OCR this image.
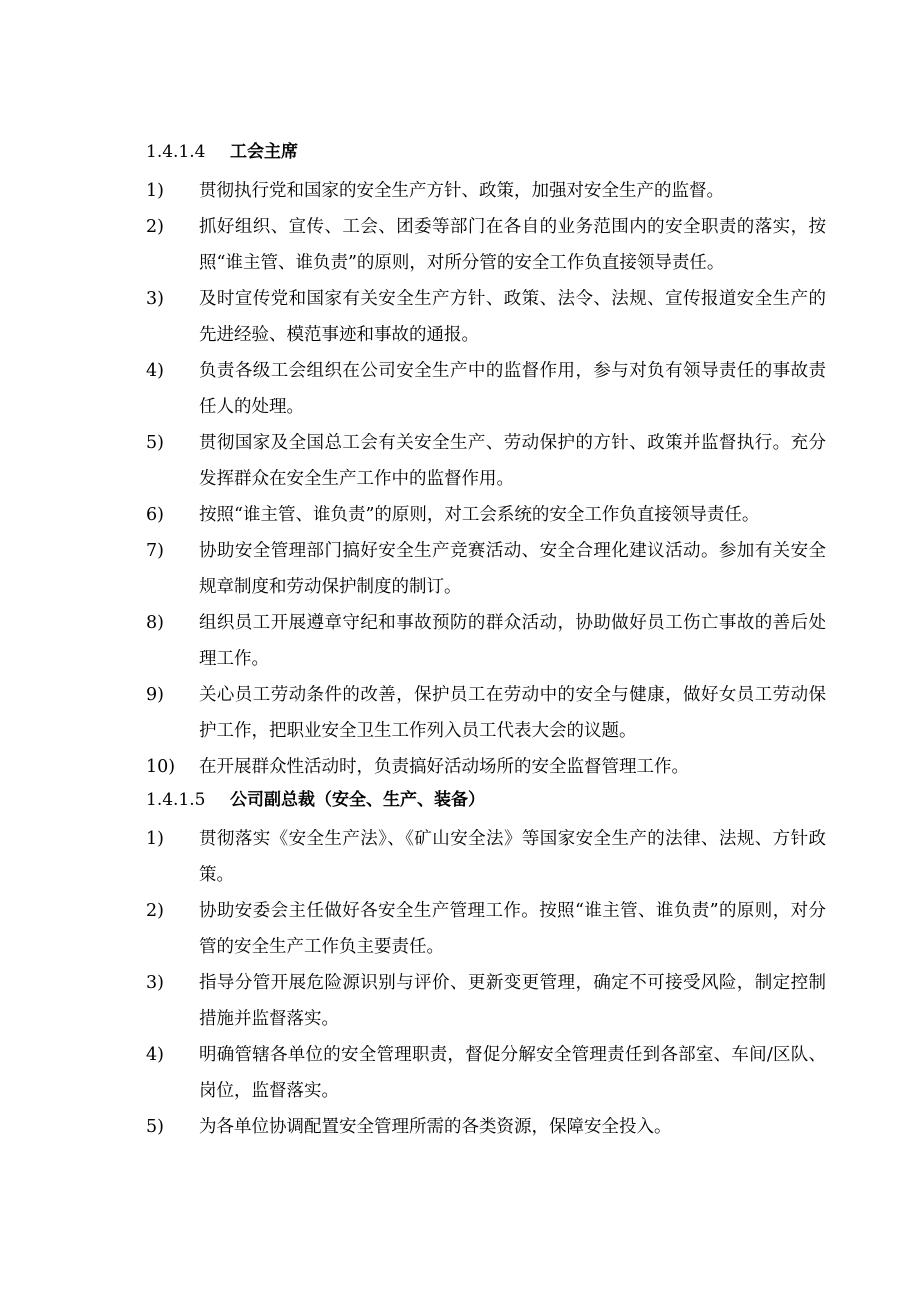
1.4.1.4 工会主席
1) 贯彻执行党和国家的安全生产方针、政策，加强对安全生产的监督。
2) 抓好组织、宣传、工会、团委等部门在各自的业务范围内的安全职责的落实，按照“谁主管、谁负责”的原则，对所分管的安全工作负直接领导责任。
3) 及时宣传党和国家有关安全生产方针、政策、法令、法规、宣传报道安全生产的先进经验、模范事迹和事故的通报。
4) 负责各级工会组织在公司安全生产中的监督作用，参与对负有领导责任的事故责任人的处理。
5) 贯彻国家及全国总工会有关安全生产、劳动保护的方针、政策并监督执行。充分发挥群众在安全生产工作中的监督作用。
6) 按照“谁主管、谁负责”的原则，对工会系统的安全工作负直接领导责任。
7) 协助安全管理部门搞好安全生产竞赛活动、安全合理化建议活动。参加有关安全规章制度和劳动保护制度的制订。
8) 组织员工开展遵章守纪和事故预防的群众活动，协助做好员工伤亡事故的善后处理工作。
9) 关心员工劳动条件的改善，保护员工在劳动中的安全与健康，做好女员工劳动保护工作，把职业安全卫生工作列入员工代表大会的议题。
10) 在开展群众性活动时，负责搞好活动场所的安全监督管理工作。
1.4.1.5 公司副总裁（安全、生产、装备）
1) 贯彻落实《安全生产法》、《矿山安全法》等国家安全生产的法律、法规、方针政策。
2) 协助安委会主任做好各安全生产管理工作。按照“谁主管、谁负责”的原则，对分管的安全生产工作负主要责任。
3) 指导分管开展危险源识别与评价、更新变更管理，确定不可接受风险，制定控制措施并监督落实。
4) 明确管辖各单位的安全管理职责，督促分解安全管理责任到各部室、车间/区队、岗位，监督落实。
5) 为各单位协调配置安全管理所需的各类资源，保障安全投入。
